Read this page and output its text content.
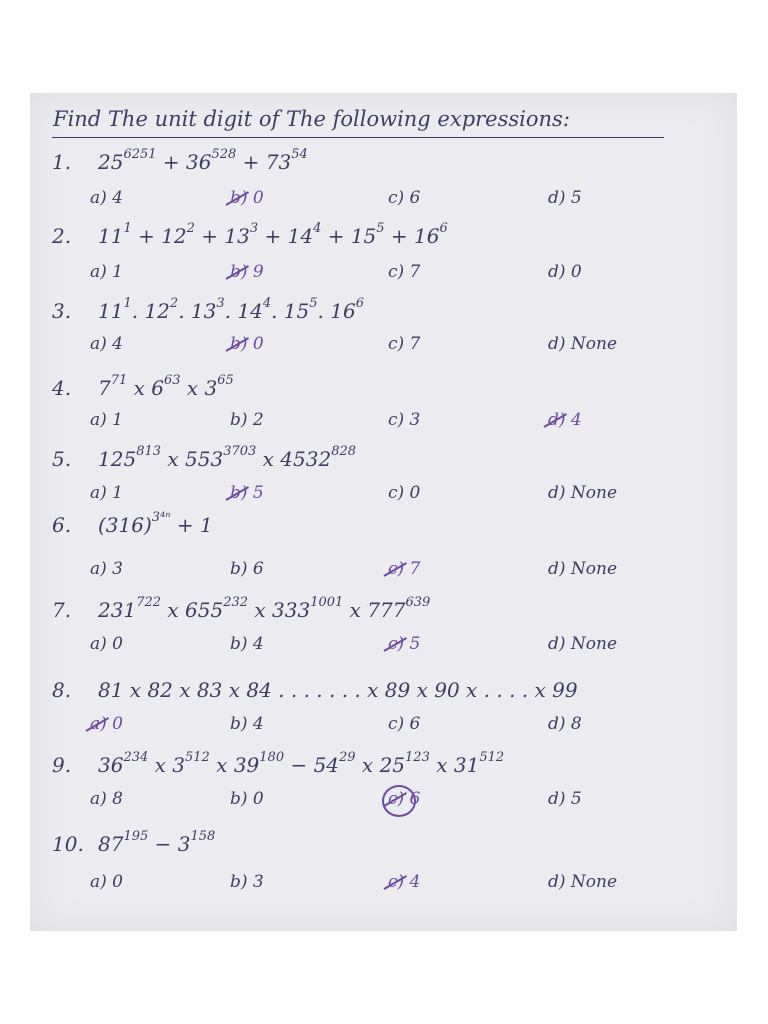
Find The unit digit of The following expressions:
1. $25^{6251} + 36^{528} + 73^{54}$
a) 4	b) 0	c) 6	d) 5
2. $11^1 + 12^2 + 13^3 + 14^4 + 15^5 + 16^6$
a) 1	b) 9	c) 7	d) 0
3. $11^1$. $12^2$. $13^3$. $14^4$. $15^5$. $16^6$
a) 4	b) 0	c) 7	d) None
4. $7^{71}$ x $6^{63}$ x $3^{65}$
a) 1	b) 2	c) 3	d) 4
5. $125^{813}$ x $553^{3703}$ x 4532$^{828}$
a) 1	b) 5	c) 0	d) None
6. $(316)^{3^{4n}} + 1$
a) 3	b) 6	c) 7	d) None
7. $231^{722}$ x $655^{232}$ x $333^{1001}$ x $777^{639}$
a) 0	b) 4	c) 5	d) None
8. 81 x 82 x 83 x 84 . . . . . . . x 89 x 90 x . . . . x 99
a) 0	b) 4	c) 6	d) 8
9. $36^{234}$ x $3^{512}$ x $39^{180} - 54^{29}$ x $25^{123}$ x $31^{512}$
a) 8	b) 0	c) 6	d) 5
10. $87^{195} - 3^{158}$
a) 0	b) 3	c) 4	d) None
